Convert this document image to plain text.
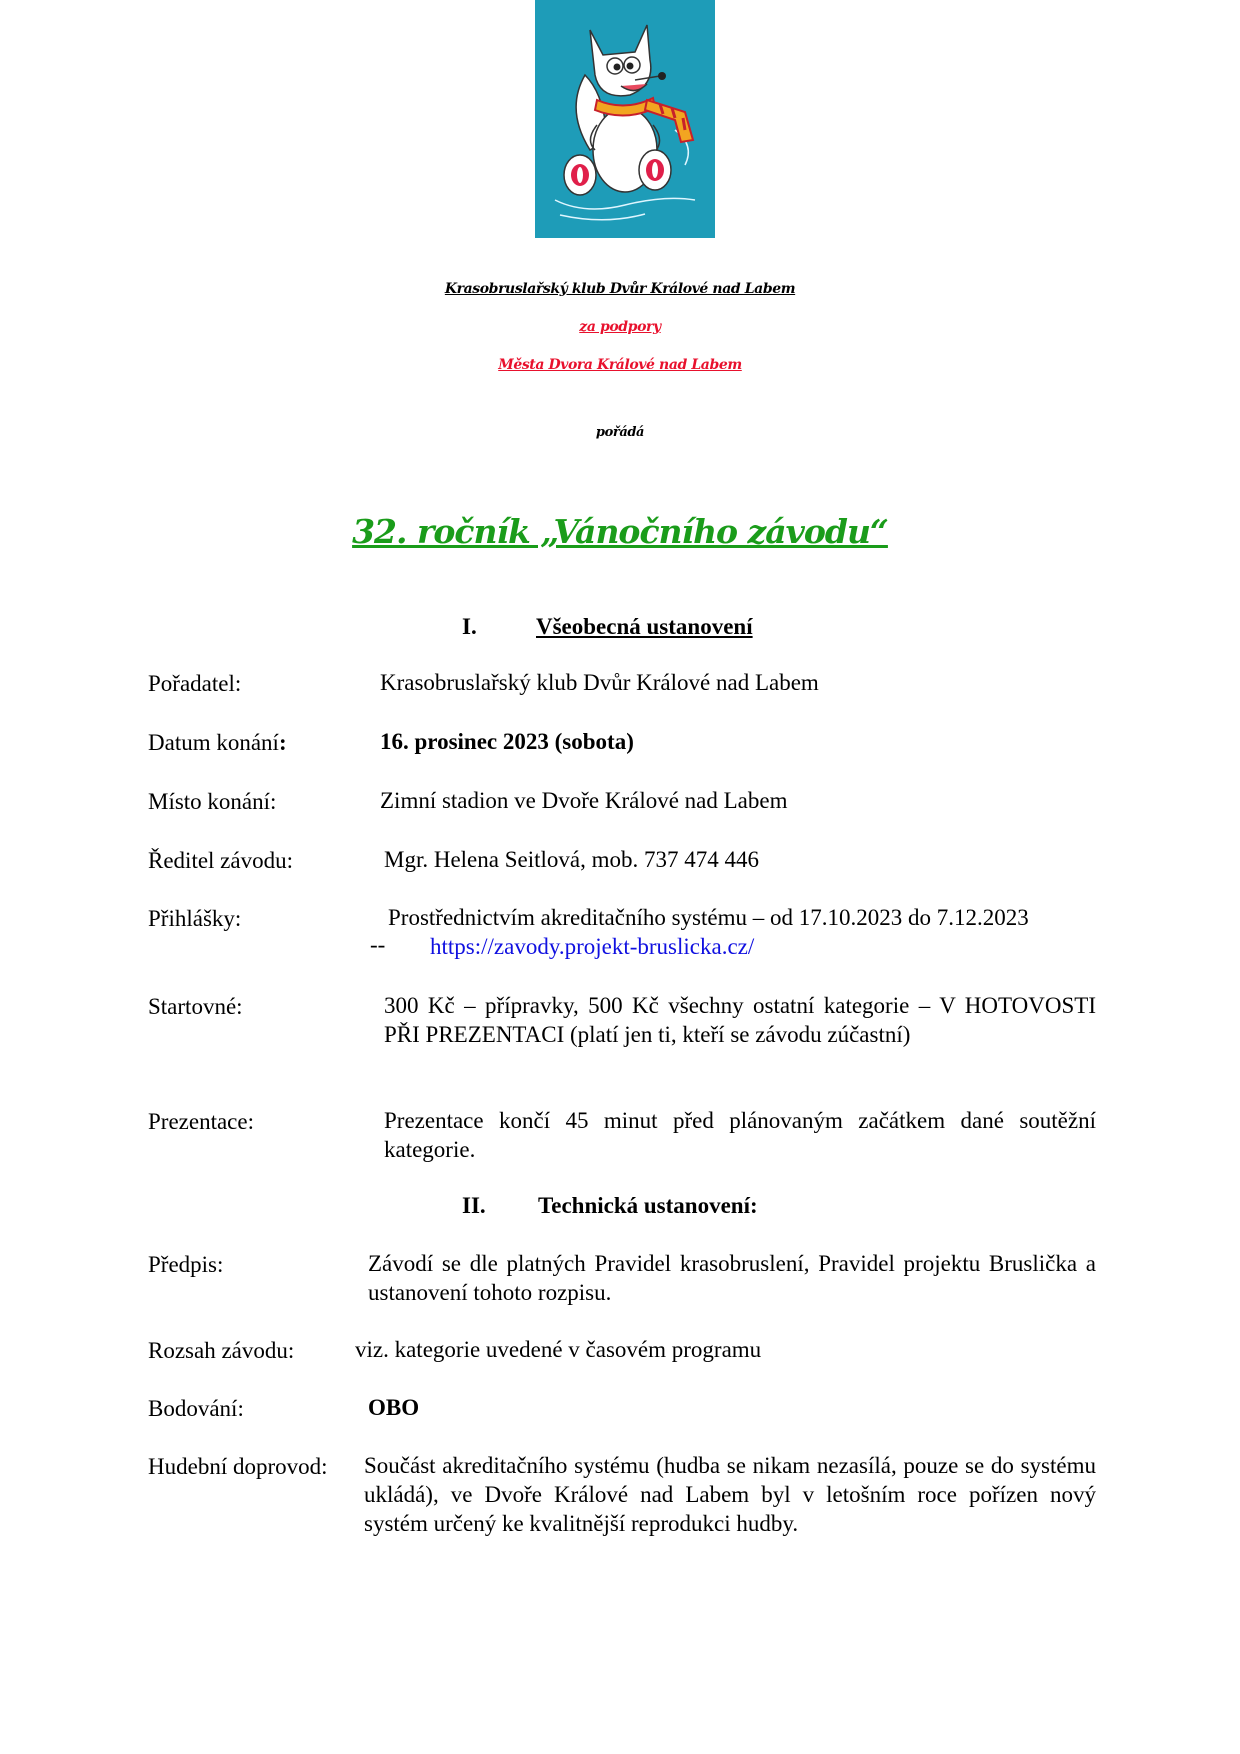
Krasobruslařský klub Dvůr Králové nad Labem
za podpory
Města Dvora Králové nad Labem
pořádá
32. ročník „Vánočního závodu“
I.	Všeobecná ustanovení
Pořadatel:	Krasobruslařský klub Dvůr Králové nad Labem
Datum konání:	16. prosinec 2023 (sobota)
Místo konání:	Zimní stadion ve Dvoře Králové nad Labem
Ředitel závodu:	Mgr. Helena Seitlová, mob. 737 474 446
Přihlášky:	Prostřednictvím akreditačního systému – od 17.10.2023 do 7.12.2023
-- https://zavody.projekt-bruslicka.cz/
Startovné:	300 Kč – přípravky, 500 Kč všechny ostatní kategorie – V HOTOVOSTI PŘI PREZENTACI (platí jen ti, kteří se závodu zúčastní)
Prezentace:	Prezentace končí 45 minut před plánovaným začátkem dané soutěžní kategorie.
II. Technická ustanovení:
Předpis:	Závodí se dle platných Pravidel krasobruslení, Pravidel projektu Bruslička a ustanovení tohoto rozpisu.
Rozsah závodu:	viz. kategorie uvedené v časovém programu
Bodování:	OBO
Hudební doprovod: Součást akreditačního systému (hudba se nikam nezasílá, pouze se do systému ukládá), ve Dvoře Králové nad Labem byl v letošním roce pořízen nový systém určený ke kvalitnější reprodukci hudby.
